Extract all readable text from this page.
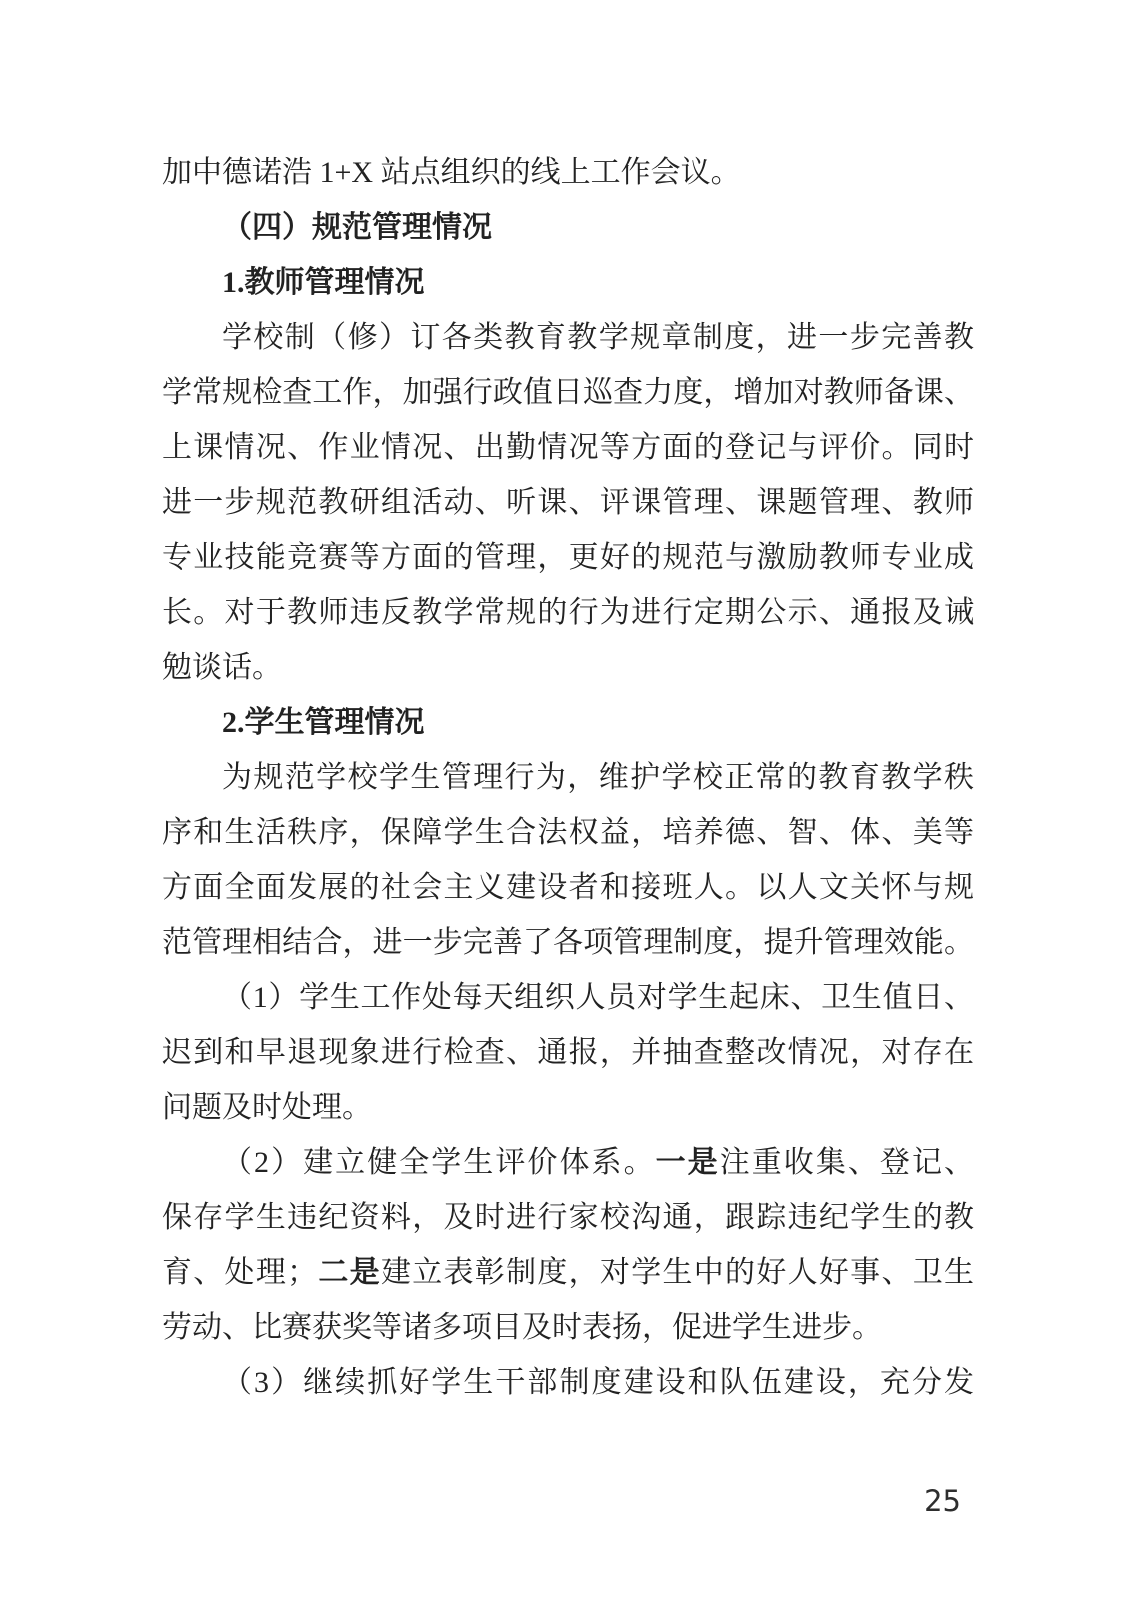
加中德诺浩 1+X 站点组织的线上工作会议。
（四）规范管理情况
1.教师管理情况
学校制（修）订各类教育教学规章制度，进一步完善教
学常规检查工作，加强行政值日巡查力度，增加对教师备课、
上课情况、作业情况、出勤情况等方面的登记与评价。同时
进一步规范教研组活动、听课、评课管理、课题管理、教师
专业技能竞赛等方面的管理，更好的规范与激励教师专业成
长。对于教师违反教学常规的行为进行定期公示、通报及诫
勉谈话。
2.学生管理情况
为规范学校学生管理行为，维护学校正常的教育教学秩
序和生活秩序，保障学生合法权益，培养德、智、体、美等
方面全面发展的社会主义建设者和接班人。以人文关怀与规
范管理相结合，进一步完善了各项管理制度，提升管理效能。
（1）学生工作处每天组织人员对学生起床、卫生值日、
迟到和早退现象进行检查、通报，并抽查整改情况，对存在
问题及时处理。
（2）建立健全学生评价体系。一是注重收集、登记、
保存学生违纪资料，及时进行家校沟通，跟踪违纪学生的教
育、处理；二是建立表彰制度，对学生中的好人好事、卫生
劳动、比赛获奖等诸多项目及时表扬，促进学生进步。
（3）继续抓好学生干部制度建设和队伍建设，充分发
25
